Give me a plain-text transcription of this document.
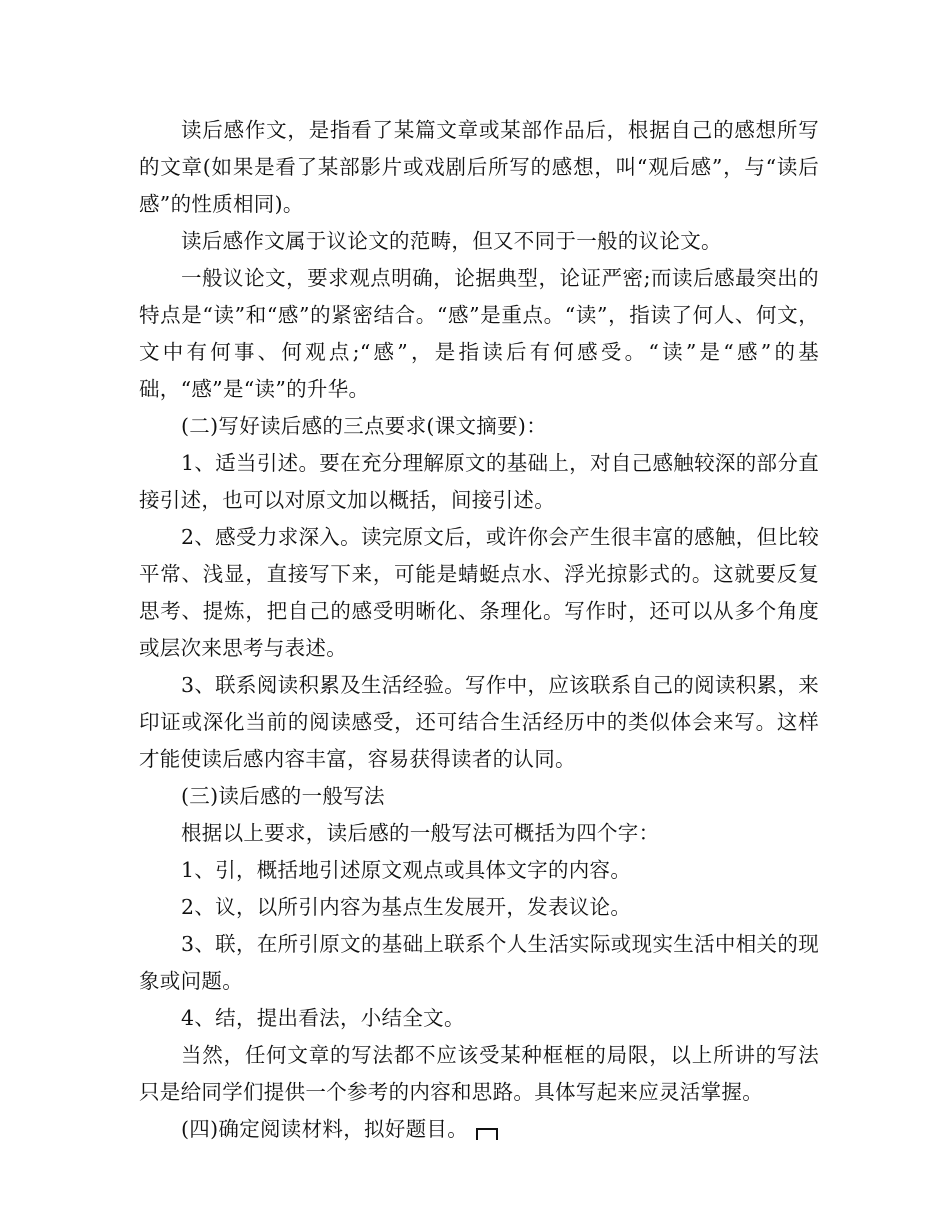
读后感作文，是指看了某篇文章或某部作品后，根据自己的感想所写的文章(如果是看了某部影片或戏剧后所写的感想，叫“观后感”，与“读后感”的性质相同)。

读后感作文属于议论文的范畴，但又不同于一般的议论文。

一般议论文，要求观点明确，论据典型，论证严密;而读后感最突出的特点是“读”和“感”的紧密结合。“感”是重点。“读”，指读了何人、何文，文中有何事、何观点;“感”，是指读后有何感受。“读”是“感”的基础，“感”是“读”的升华。

(二)写好读后感的三点要求(课文摘要)：

1、适当引述。要在充分理解原文的基础上，对自己感触较深的部分直接引述，也可以对原文加以概括，间接引述。

2、感受力求深入。读完原文后，或许你会产生很丰富的感触，但比较平常、浅显，直接写下来，可能是蜻蜓点水、浮光掠影式的。这就要反复思考、提炼，把自己的感受明晰化、条理化。写作时，还可以从多个角度或层次来思考与表述。

3、联系阅读积累及生活经验。写作中，应该联系自己的阅读积累，来印证或深化当前的阅读感受，还可结合生活经历中的类似体会来写。这样才能使读后感内容丰富，容易获得读者的认同。

(三)读后感的一般写法

根据以上要求，读后感的一般写法可概括为四个字：

1、引，概括地引述原文观点或具体文字的内容。

2、议，以所引内容为基点生发展开，发表议论。

3、联，在所引原文的基础上联系个人生活实际或现实生活中相关的现象或问题。

4、结，提出看法，小结全文。

当然，任何文章的写法都不应该受某种框框的局限，以上所讲的写法只是给同学们提供一个参考的内容和思路。具体写起来应灵活掌握。

(四)确定阅读材料，拟好题目。
